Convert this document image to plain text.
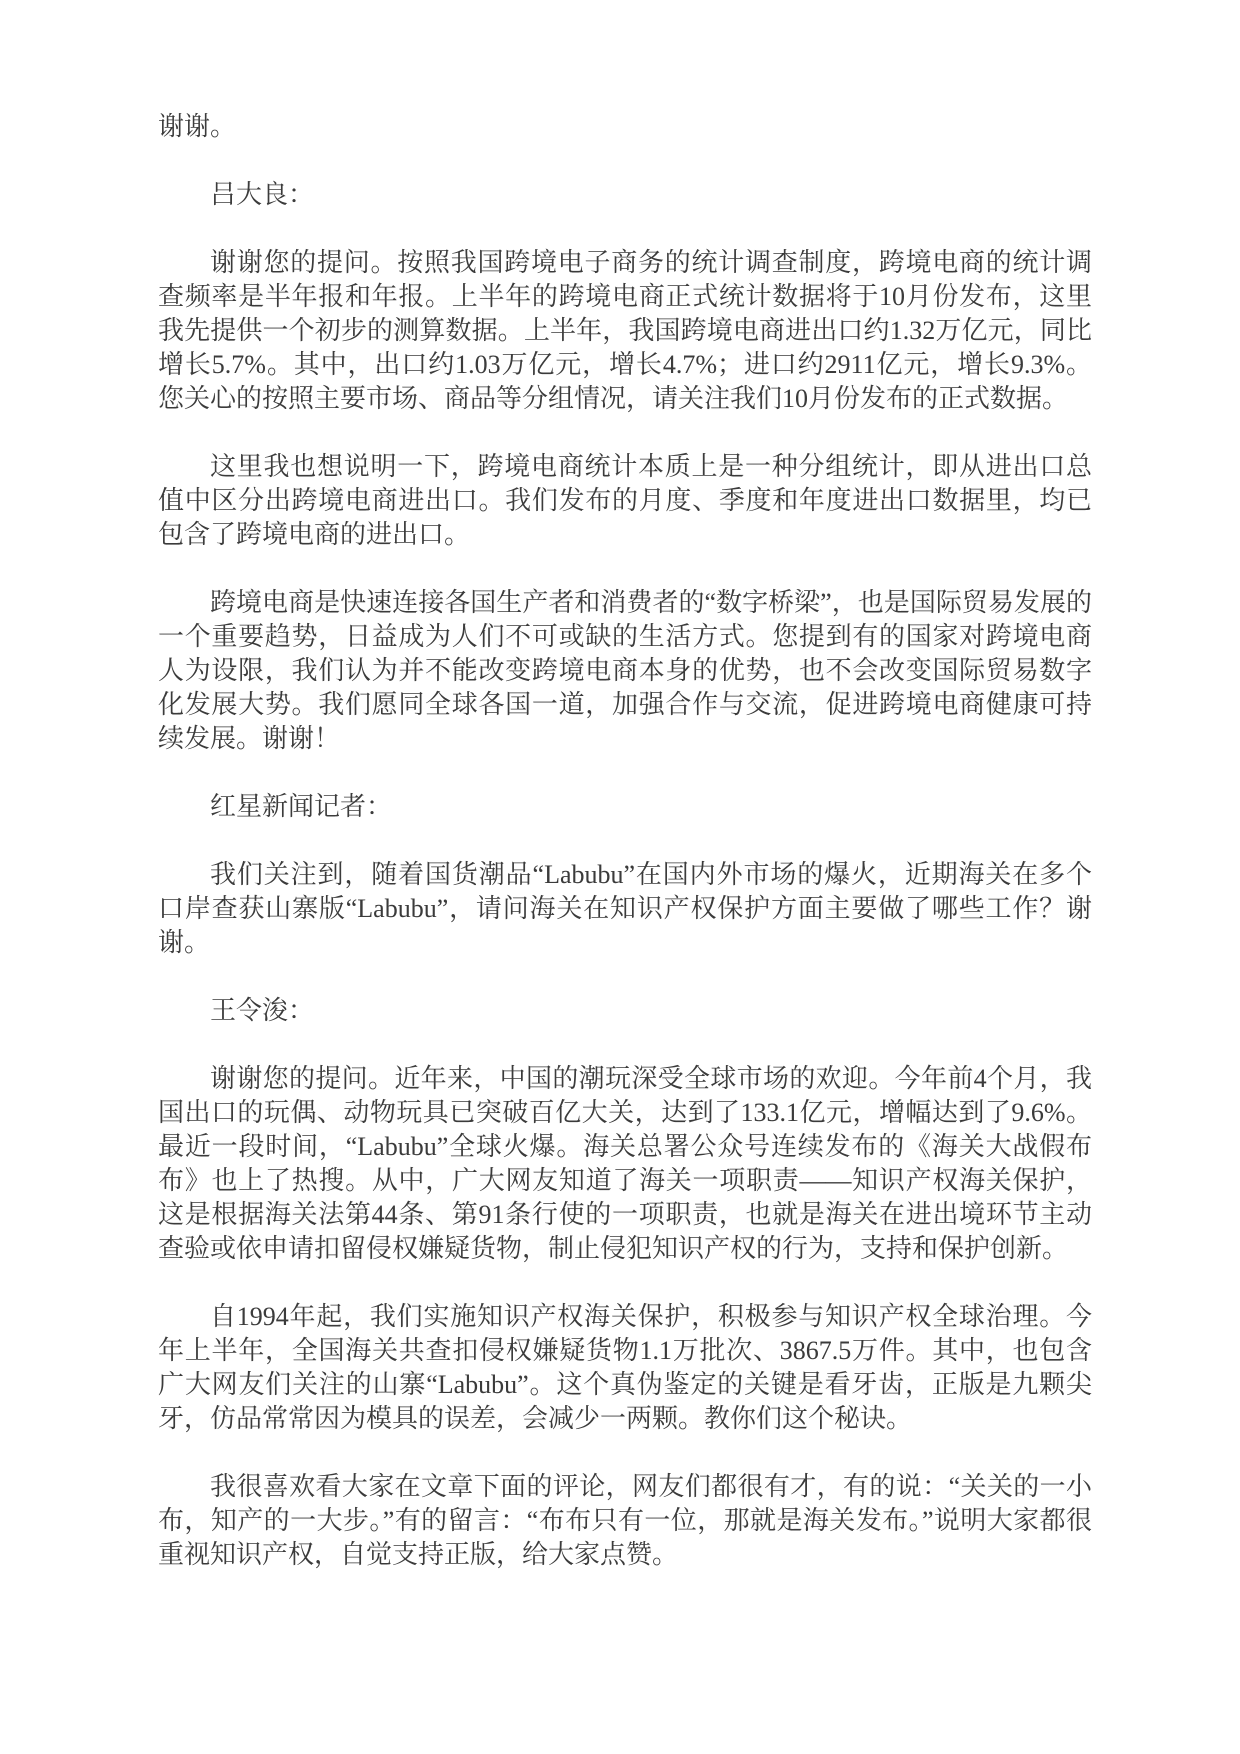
谢谢。
吕大良：
谢谢您的提问。按照我国跨境电子商务的统计调查制度，跨境电商的统计调查频率是半年报和年报。上半年的跨境电商正式统计数据将于10月份发布，这里我先提供一个初步的测算数据。上半年，我国跨境电商进出口约1.32万亿元，同比增长5.7%。其中，出口约1.03万亿元，增长4.7%；进口约2911亿元，增长9.3%。您关心的按照主要市场、商品等分组情况，请关注我们10月份发布的正式数据。
这里我也想说明一下，跨境电商统计本质上是一种分组统计，即从进出口总值中区分出跨境电商进出口。我们发布的月度、季度和年度进出口数据里，均已包含了跨境电商的进出口。
跨境电商是快速连接各国生产者和消费者的“数字桥梁”，也是国际贸易发展的一个重要趋势，日益成为人们不可或缺的生活方式。您提到有的国家对跨境电商人为设限，我们认为并不能改变跨境电商本身的优势，也不会改变国际贸易数字化发展大势。我们愿同全球各国一道，加强合作与交流，促进跨境电商健康可持续发展。谢谢！
红星新闻记者：
我们关注到，随着国货潮品“Labubu”在国内外市场的爆火，近期海关在多个口岸查获山寨版“Labubu”，请问海关在知识产权保护方面主要做了哪些工作？谢谢。
王令浚：
谢谢您的提问。近年来，中国的潮玩深受全球市场的欢迎。今年前4个月，我国出口的玩偶、动物玩具已突破百亿大关，达到了133.1亿元，增幅达到了9.6%。最近一段时间，“Labubu”全球火爆。海关总署公众号连续发布的《海关大战假布布》也上了热搜。从中，广大网友知道了海关一项职责——知识产权海关保护，这是根据海关法第44条、第91条行使的一项职责，也就是海关在进出境环节主动查验或依申请扣留侵权嫌疑货物，制止侵犯知识产权的行为，支持和保护创新。
自1994年起，我们实施知识产权海关保护，积极参与知识产权全球治理。今年上半年，全国海关共查扣侵权嫌疑货物1.1万批次、3867.5万件。其中，也包含广大网友们关注的山寨“Labubu”。这个真伪鉴定的关键是看牙齿，正版是九颗尖牙，仿品常常因为模具的误差，会减少一两颗。教你们这个秘诀。
我很喜欢看大家在文章下面的评论，网友们都很有才，有的说：“关关的一小布，知产的一大步。”有的留言：“布布只有一位，那就是海关发布。”说明大家都很重视知识产权，自觉支持正版，给大家点赞。
